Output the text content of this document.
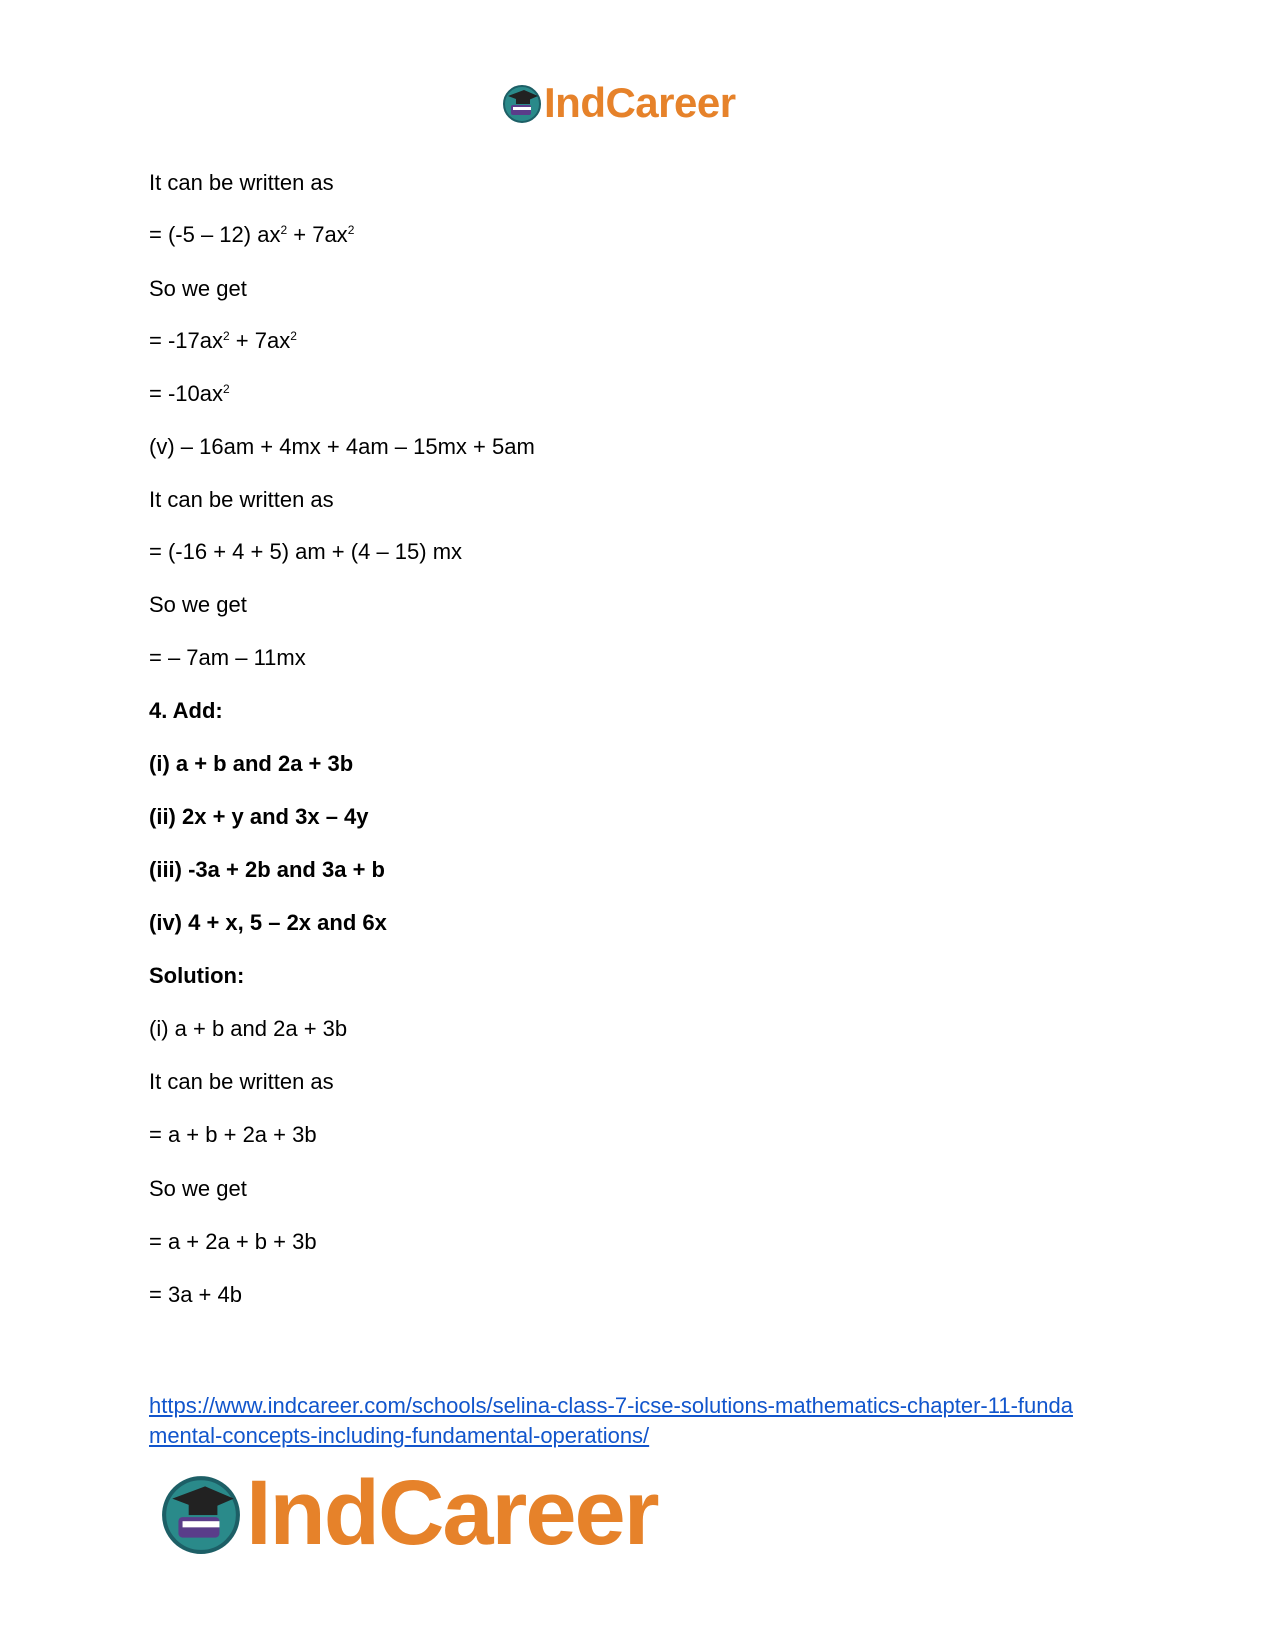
IndCareer
It can be written as
= (-5 – 12) $ax^2 + 7ax^2$
So we get
= $-17ax^2 + 7ax^2$
= $-10ax^2$
(v) – 16am + 4mx + 4am – 15mx + 5am
It can be written as
= (-16 + 4 + 5) am + (4 – 15) mx
So we get
= – 7am – 11mx
4. Add:
(i) a + b and 2a + 3b
(ii) 2x + y and 3x – 4y
(iii) -3a + 2b and 3a + b
(iv) 4 + x, 5 – 2x and 6x
Solution:
(i) a + b and 2a + 3b
It can be written as
= a + b + 2a + 3b
So we get
= a + 2a + b + 3b
= 3a + 4b
https://www.indcareer.com/schools/selina-class-7-icse-solutions-mathematics-chapter-11-funda
mental-concepts-including-fundamental-operations/
IndCareer
